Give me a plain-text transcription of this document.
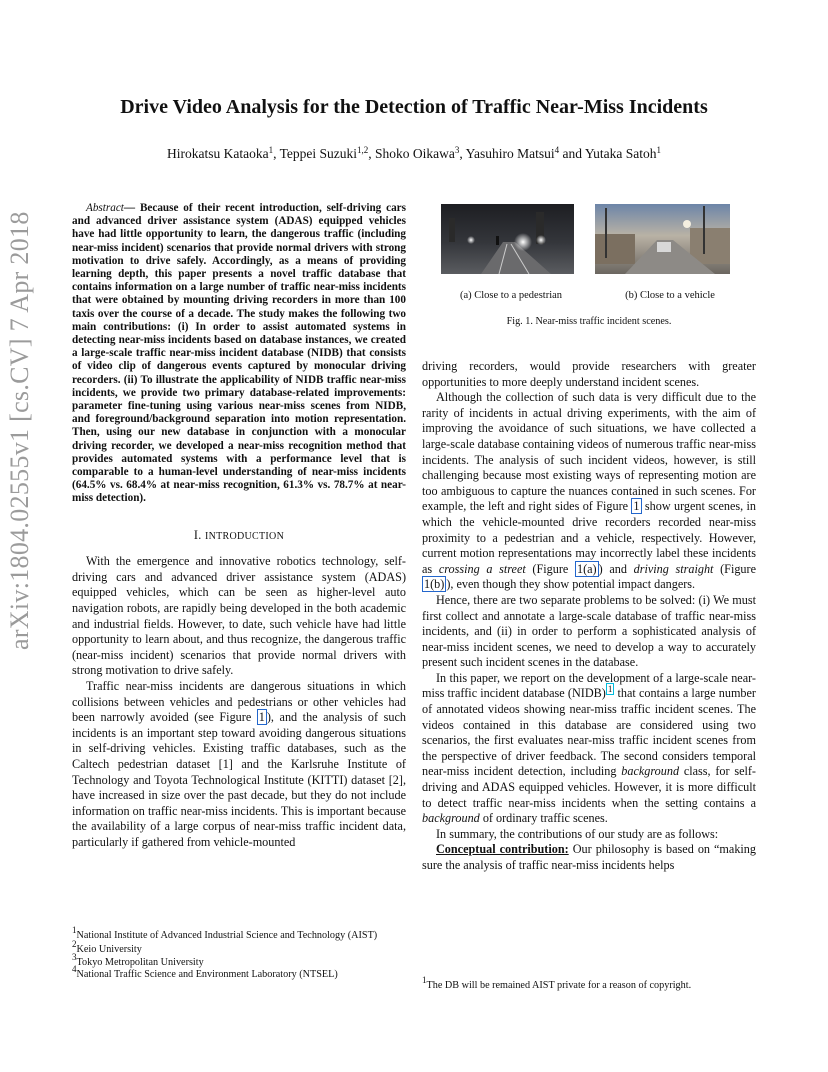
arXiv:1804.02555v1 [cs.CV] 7 Apr 2018
Drive Video Analysis for the Detection of Traffic Near-Miss Incidents
Hirokatsu Kataoka$^1$, Teppei Suzuki$^{1,2}$, Shoko Oikawa$^3$, Yasuhiro Matsui$^4$ and Yutaka Satoh$^1$

Abstract— Because of their recent introduction, self-driving cars and advanced driver assistance system (ADAS) equipped vehicles have had little opportunity to learn, the dangerous traffic (including near-miss incident) scenarios that provide normal drivers with strong motivation to drive safely. Accordingly, as a means of providing learning depth, this paper presents a novel traffic database that contains information on a large number of traffic near-miss incidents that were obtained by mounting driving recorders in more than 100 taxis over the course of a decade. The study makes the following two main contributions: (i) In order to assist automated systems in detecting near-miss incidents based on database instances, we created a large-scale traffic near-miss incident database (NIDB) that consists of video clip of dangerous events captured by monocular driving recorders. (ii) To illustrate the applicability of NIDB traffic near-miss incidents, we provide two primary database-related improvements: parameter fine-tuning using various near-miss scenes from NIDB, and foreground/background separation into motion representation. Then, using our new database in conjunction with a monocular driving recorder, we developed a near-miss recognition method that provides automated systems with a performance level that is comparable to a human-level understanding of near-miss incidents (64.5% vs. 68.4% at near-miss recognition, 61.3% vs. 78.7% at near-miss detection).

I. INTRODUCTION

With the emergence and innovative robotics technology, self-driving cars and advanced driver assistance system (ADAS) equipped vehicles, which can be seen as higher-level auto navigation robots, are rapidly being developed in the both academic and industrial fields. However, to date, such vehicle have had little opportunity to learn about, and thus recognize, the dangerous traffic (near-miss incident) scenarios that provide normal drivers with strong motivation to drive safely.

Traffic near-miss incidents are dangerous situations in which collisions between vehicles and pedestrians or other vehicles had been narrowly avoided (see Figure 1 ), and the analysis of such incidents is an important step toward avoiding dangerous situations in self-driving vehicles. Existing traffic databases, such as the Caltech pedestrian dataset [1] and the Karlsruhe Institute of Technology and Toyota Technological Institute (KITTI) dataset [2], have increased in size over the past decade, but they do not include information on traffic near-miss incidents. This is important because the availability of a large corpus of near-miss traffic incident data, particularly if gathered from vehicle-mounted

$^1$National Institute of Advanced Industrial Science and Technology (AIST)
$^2$Keio University
$^3$Tokyo Metropolitan University
$^4$National Traffic Science and Environment Laboratory (NTSEL)
(a) Close to a pedestrian	(b) Close to a vehicle
Fig. 1. Near-miss traffic incident scenes.

driving recorders, would provide researchers with greater opportunities to more deeply understand incident scenes.

Although the collection of such data is very difficult due to the rarity of incidents in actual driving experiments, with the aim of improving the avoidance of such situations, we have collected a large-scale database containing videos of numerous traffic near-miss incidents. The analysis of such incident videos, however, is still challenging because most existing ways of representing motion are too ambiguous to capture the nuances contained in such scenes. For example, the left and right sides of Figure 1 show urgent scenes, in which the vehicle-mounted drive recorders recorded near-miss proximity to a pedestrian and a vehicle, respectively. However, current motion representations may incorrectly label these incidents as crossing a street (Figure 1(a) ) and driving straight (Figure 1(b) ), even though they show potential impact dangers.

Hence, there are two separate problems to be solved: (i) We must first collect and annotate a large-scale database of traffic near-miss incidents, and (ii) in order to perform a sophisticated analysis of near-miss incident scenes, we need to develop a way to accurately present such incident scenes in the database.

In this paper, we report on the development of a large-scale near-miss traffic incident database (NIDB) $^1$ that contains a large number of annotated videos showing near-miss traffic incident scenes. The videos contained in this database are considered using two scenarios, the first evaluates near-miss traffic incident scenes from the perspective of driver feedback. The second considers temporal near-miss incident detection, including background class, for self-driving and ADAS equipped vehicles. However, it is more difficult to detect traffic near-miss incidents when the setting contains a background of ordinary traffic scenes.

In summary, the contributions of our study are as follows:

Conceptual contribution: Our philosophy is based on “making sure the analysis of traffic near-miss incidents helps

$^1$The DB will be remained AIST private for a reason of copyright.
